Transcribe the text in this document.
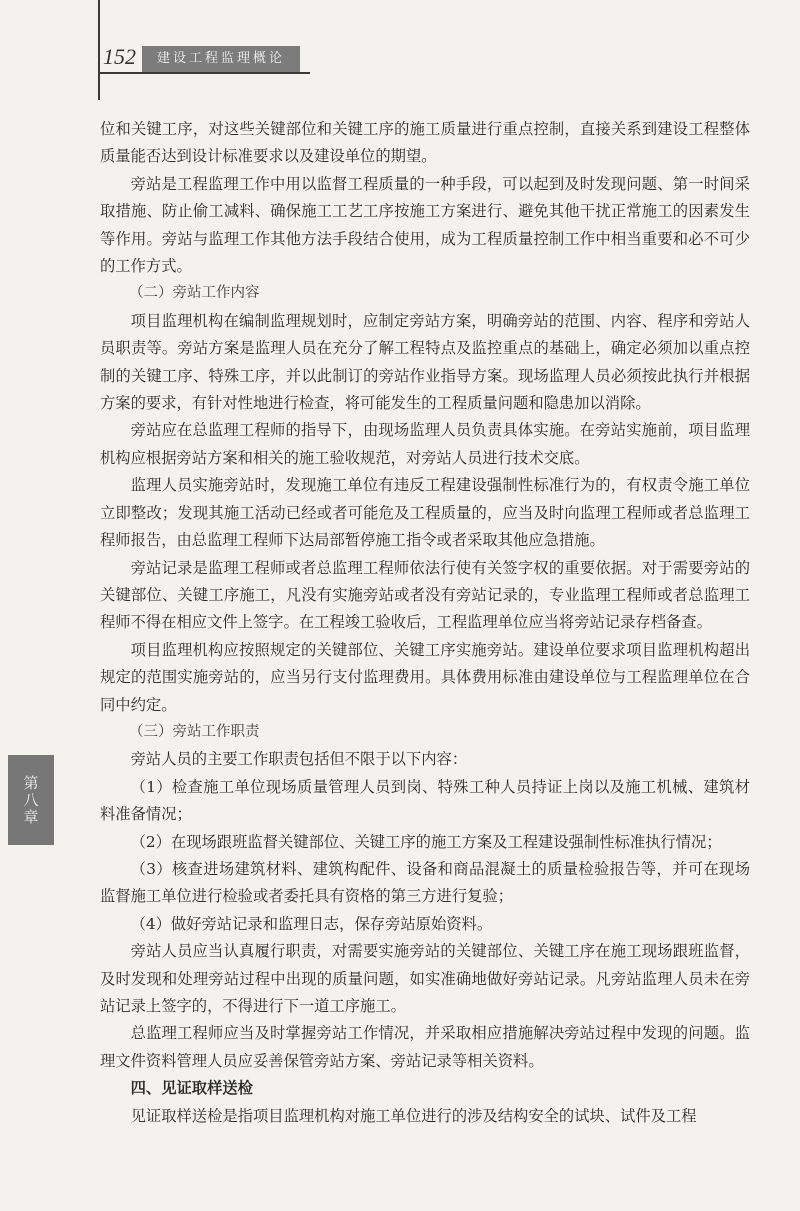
152	建设工程监理概论

位和关键工序，对这些关键部位和关键工序的施工质量进行重点控制，直接关系到建设工程整体质量能否达到设计标准要求以及建设单位的期望。

旁站是工程监理工作中用以监督工程质量的一种手段，可以起到及时发现问题、第一时间采取措施、防止偷工减料、确保施工工艺工序按施工方案进行、避免其他干扰正常施工的因素发生等作用。旁站与监理工作其他方法手段结合使用，成为工程质量控制工作中相当重要和必不可少的工作方式。

（二）旁站工作内容

项目监理机构在编制监理规划时，应制定旁站方案，明确旁站的范围、内容、程序和旁站人员职责等。旁站方案是监理人员在充分了解工程特点及监控重点的基础上，确定必须加以重点控制的关键工序、特殊工序，并以此制订的旁站作业指导方案。现场监理人员必须按此执行并根据方案的要求，有针对性地进行检查，将可能发生的工程质量问题和隐患加以消除。

旁站应在总监理工程师的指导下，由现场监理人员负责具体实施。在旁站实施前，项目监理机构应根据旁站方案和相关的施工验收规范，对旁站人员进行技术交底。

监理人员实施旁站时，发现施工单位有违反工程建设强制性标准行为的，有权责令施工单位立即整改；发现其施工活动已经或者可能危及工程质量的，应当及时向监理工程师或者总监理工程师报告，由总监理工程师下达局部暂停施工指令或者采取其他应急措施。

旁站记录是监理工程师或者总监理工程师依法行使有关签字权的重要依据。对于需要旁站的关键部位、关键工序施工，凡没有实施旁站或者没有旁站记录的，专业监理工程师或者总监理工程师不得在相应文件上签字。在工程竣工验收后，工程监理单位应当将旁站记录存档备查。

项目监理机构应按照规定的关键部位、关键工序实施旁站。建设单位要求项目监理机构超出规定的范围实施旁站的，应当另行支付监理费用。具体费用标准由建设单位与工程监理单位在合同中约定。

（三）旁站工作职责

旁站人员的主要工作职责包括但不限于以下内容：

（1）检查施工单位现场质量管理人员到岗、特殊工种人员持证上岗以及施工机械、建筑材料准备情况；

（2）在现场跟班监督关键部位、关键工序的施工方案及工程建设强制性标准执行情况；

（3）核查进场建筑材料、建筑构配件、设备和商品混凝土的质量检验报告等，并可在现场监督施工单位进行检验或者委托具有资格的第三方进行复验；

（4）做好旁站记录和监理日志，保存旁站原始资料。

旁站人员应当认真履行职责，对需要实施旁站的关键部位、关键工序在施工现场跟班监督，及时发现和处理旁站过程中出现的质量问题，如实准确地做好旁站记录。凡旁站监理人员未在旁站记录上签字的，不得进行下一道工序施工。

总监理工程师应当及时掌握旁站工作情况，并采取相应措施解决旁站过程中发现的问题。监理文件资料管理人员应妥善保管旁站方案、旁站记录等相关资料。

四、见证取样送检

见证取样送检是指项目监理机构对施工单位进行的涉及结构安全的试块、试件及工程

第八章
